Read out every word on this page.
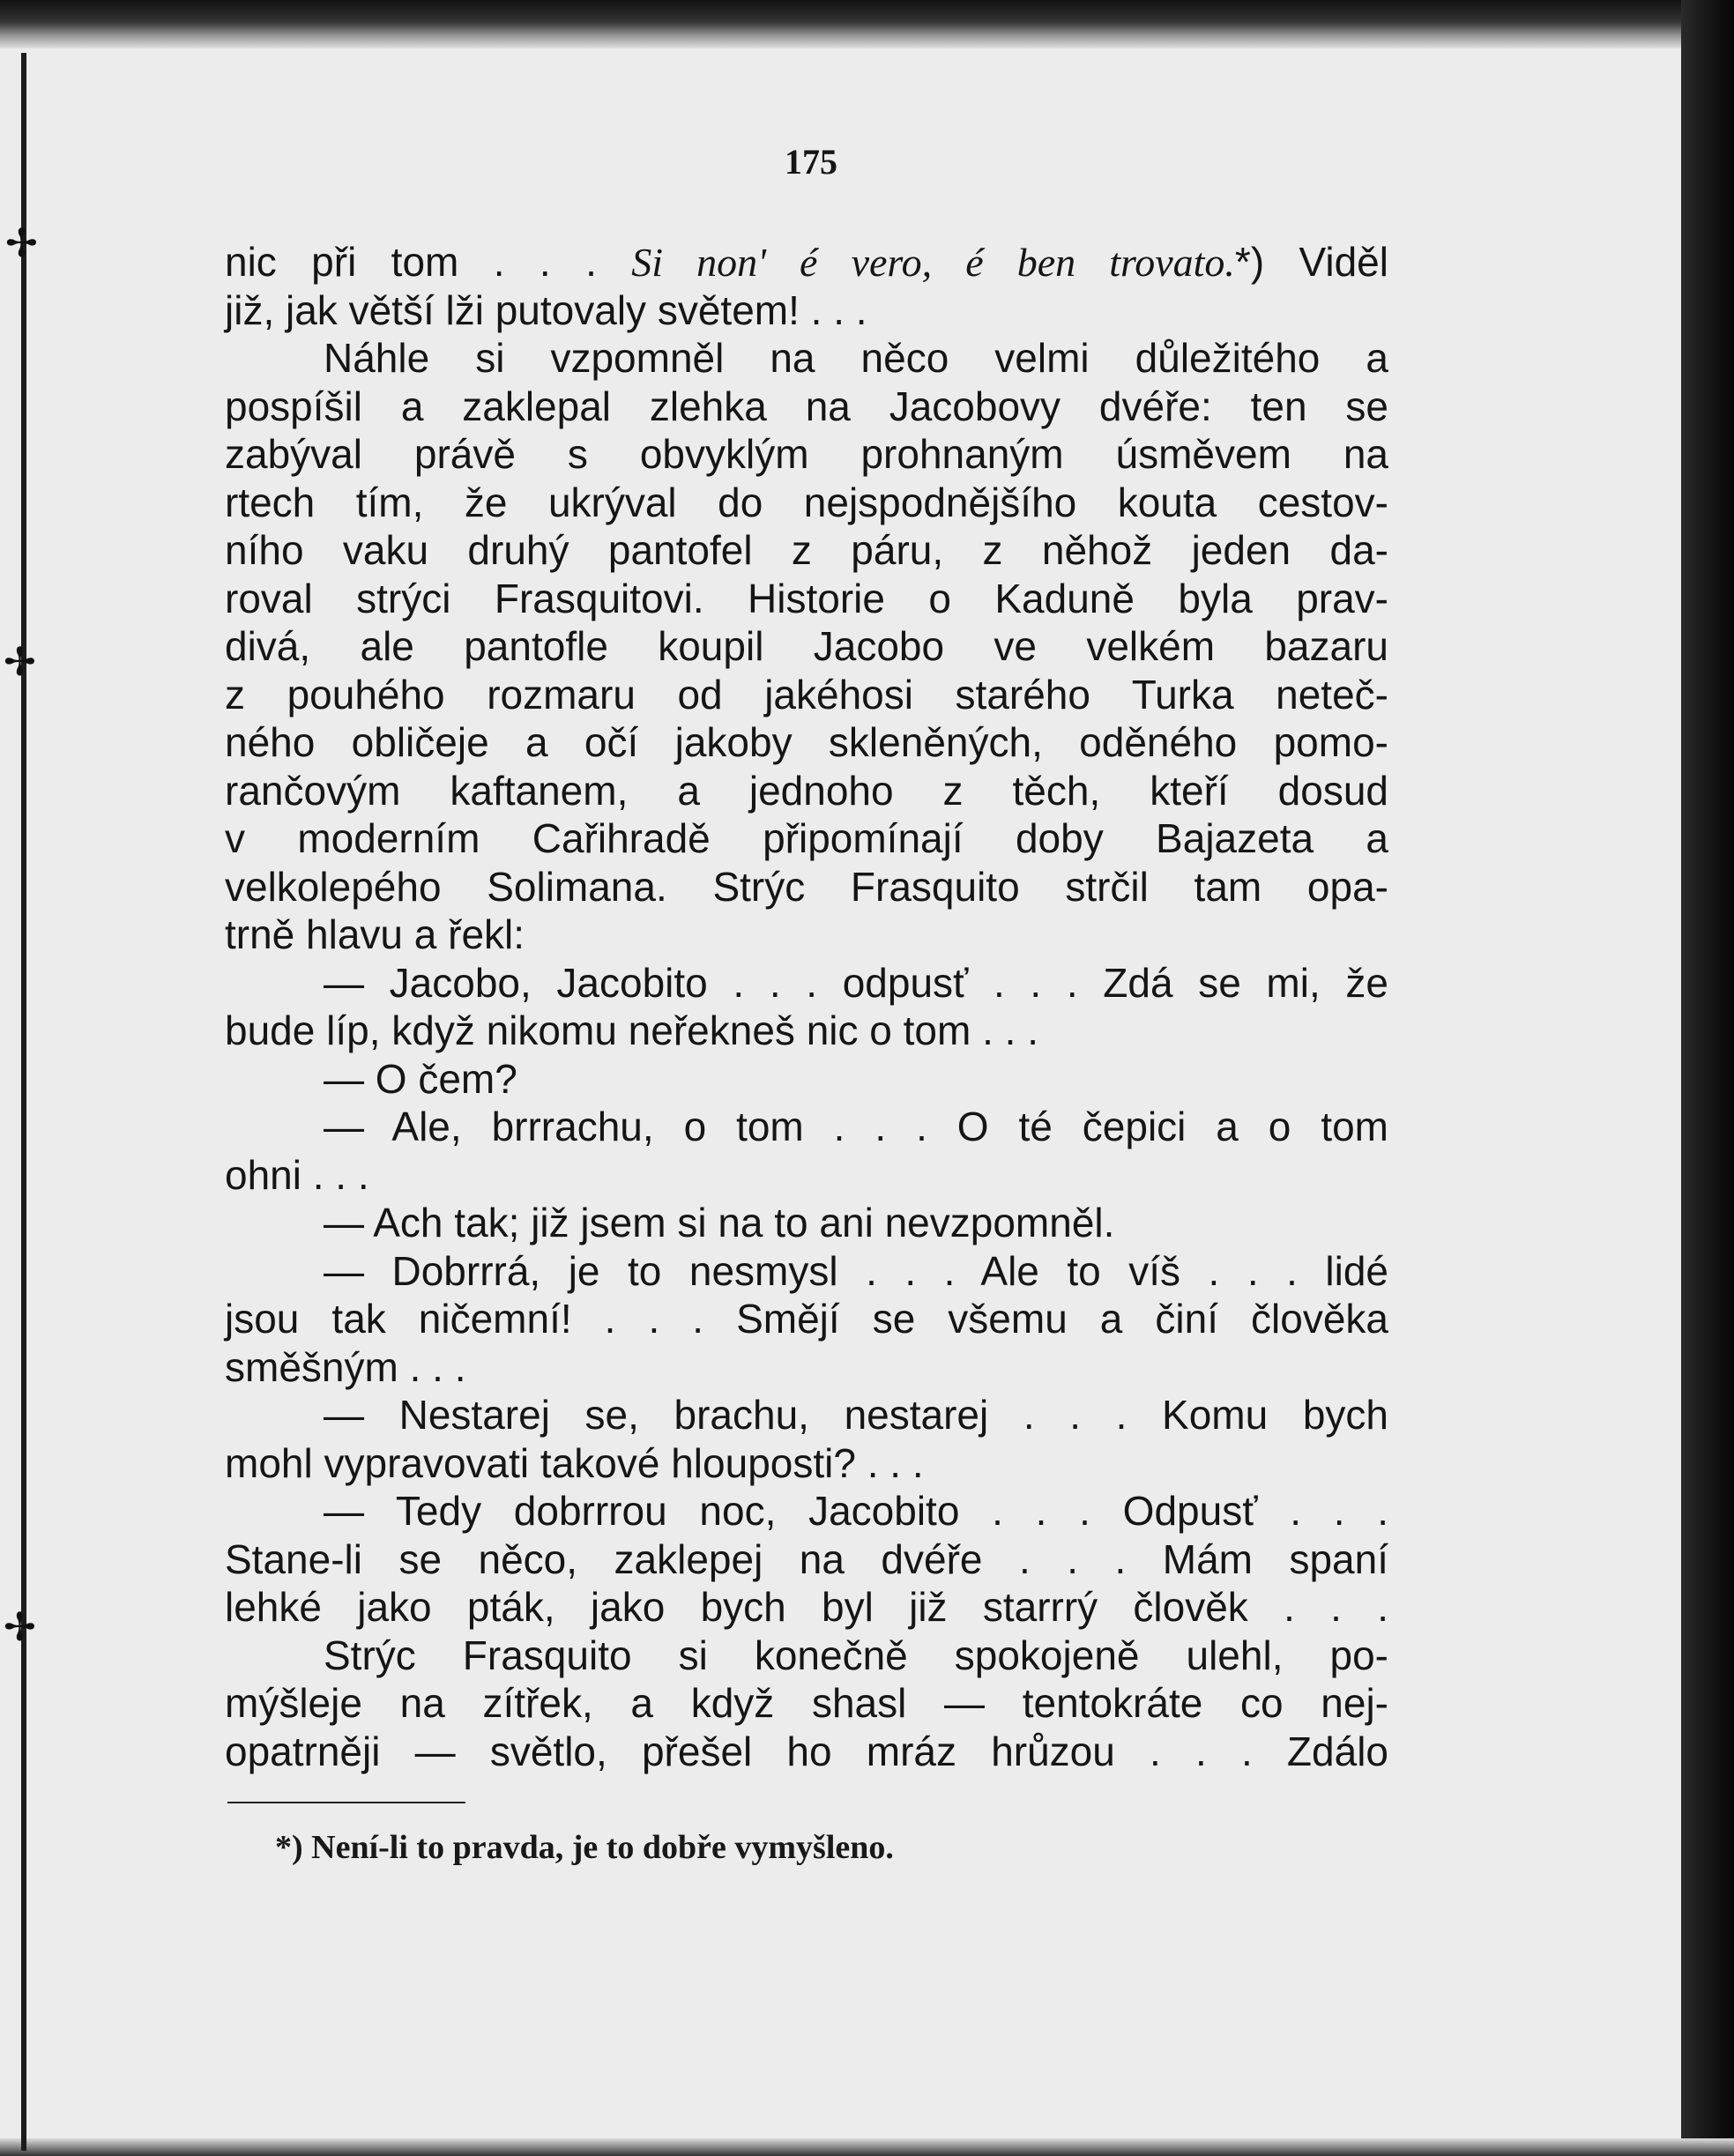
✢
✢
✢
175
nic při tom . . . Si non' é vero, é ben trovato.*) Viděl
již, jak větší lži putovaly světem! . . .
Náhle si vzpomněl na něco velmi důležitého a
pospíšil a zaklepal zlehka na Jacobovy dvéře: ten se
zabýval právě s obvyklým prohnaným úsměvem na
rtech tím, že ukrýval do nejspodnějšího kouta cestov-
ního vaku druhý pantofel z páru, z něhož jeden da-
roval strýci Frasquitovi. Historie o Kaduně byla prav-
divá, ale pantofle koupil Jacobo ve velkém bazaru
z pouhého rozmaru od jakéhosi starého Turka neteč-
ného obličeje a očí jakoby skleněných, oděného pomo-
rančovým kaftanem, a jednoho z těch, kteří dosud
v moderním Cařihradě připomínají doby Bajazeta a
velkolepého Solimana. Strýc Frasquito strčil tam opa-
trně hlavu a řekl:
— Jacobo, Jacobito . . . odpusť . . . Zdá se mi, že
bude líp, když nikomu neřekneš nic o tom . . .
— O čem?
— Ale, brrrachu, o tom . . . O té čepici a o tom
ohni . . .
— Ach tak; již jsem si na to ani nevzpomněl.
— Dobrrrá, je to nesmysl . . . Ale to víš . . . lidé
jsou tak ničemní! . . . Smějí se všemu a činí člověka
směšným . . .
— Nestarej se, brachu, nestarej . . . Komu bych
mohl vypravovati takové hlouposti? . . .
— Tedy dobrrrou noc, Jacobito . . . Odpusť . . .
Stane-li se něco, zaklepej na dvéře . . . Mám spaní
lehké jako pták, jako bych byl již starrrý člověk . . .
Strýc Frasquito si konečně spokojeně ulehl, po-
mýšleje na zítřek, a když shasl — tentokráte co nej-
opatrněji — světlo, přešel ho mráz hrůzou . . . Zdálo
*) Není-li to pravda, je to dobře vymyšleno.
